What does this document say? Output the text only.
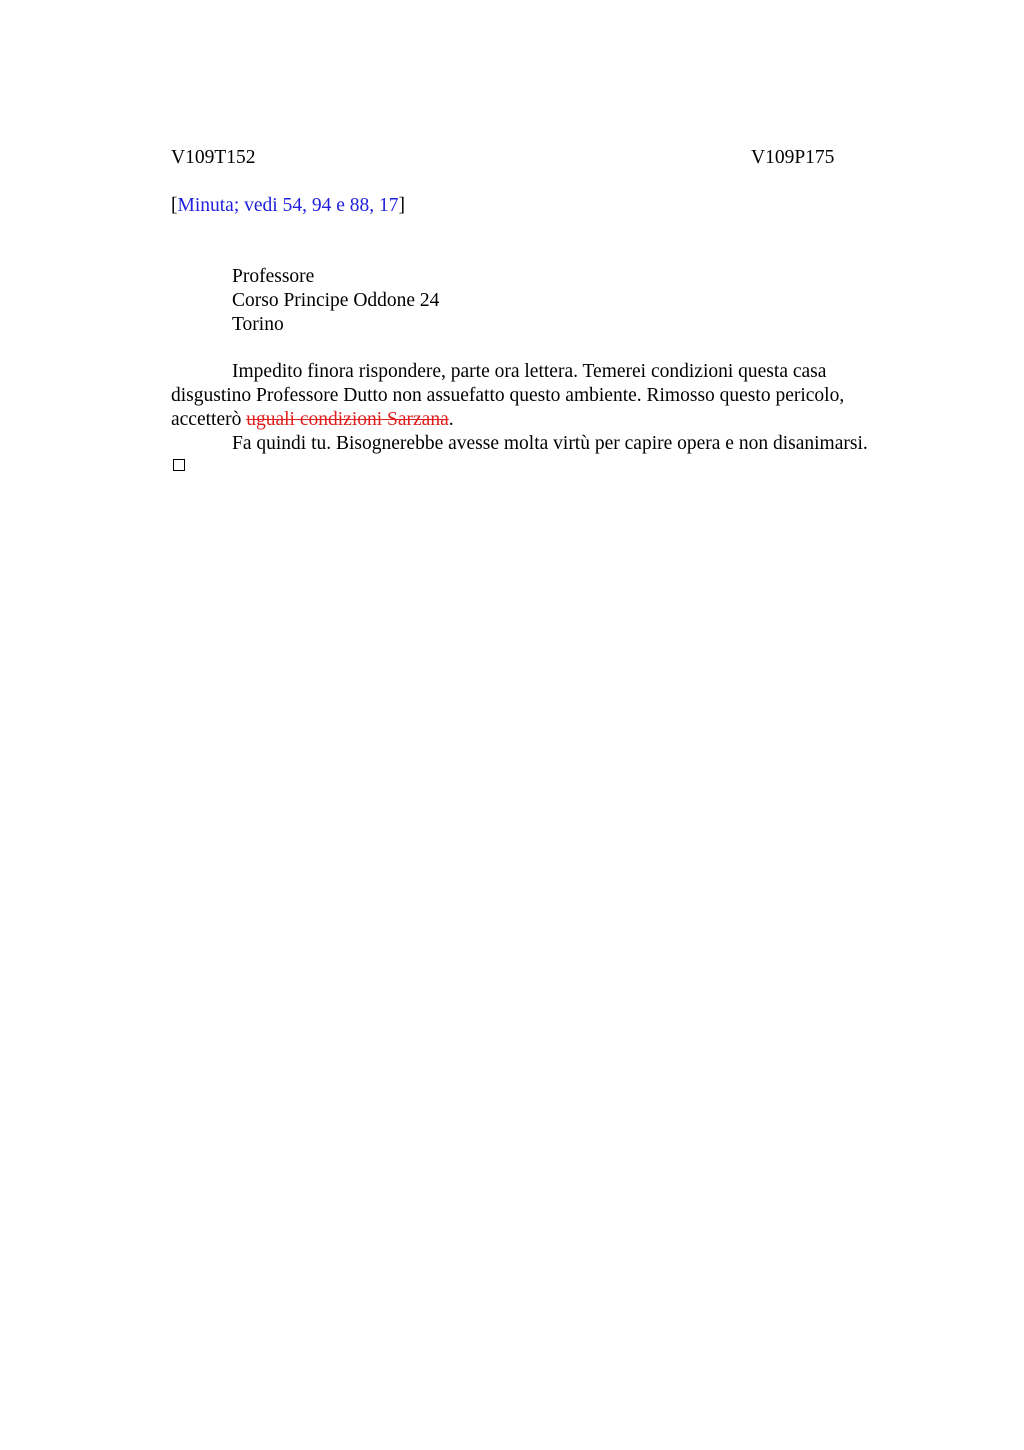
V109T152	V109P175
[Minuta; vedi 54, 94 e 88, 17]
Professore
Corso Principe Oddone 24
Torino
Impedito finora rispondere, parte ora lettera. Temerei condizioni questa casa
disgustino Professore Dutto non assuefatto questo ambiente. Rimosso questo pericolo,
accetterò uguali condizioni Sarzana.
Fa quindi tu. Bisognerebbe avesse molta virtù per capire opera e non disanimarsi.
